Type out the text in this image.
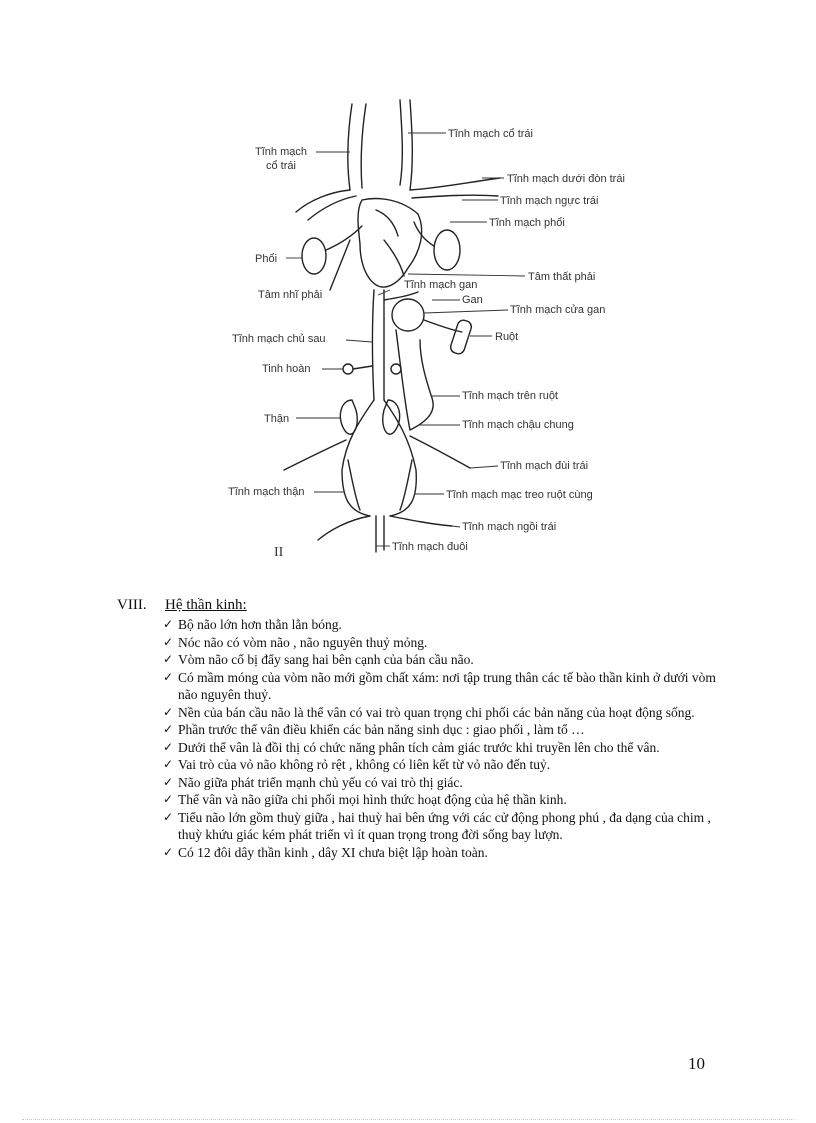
Tĩnh mạch cổ trái
Tĩnh mạch
cổ trái
Tĩnh mạch dưới đòn trái
Tĩnh mạch ngực trái
Tĩnh mạch phổi
Phổi
Tâm thất phải
Tâm nhĩ phải
Tĩnh mạch gan
Gan
Tĩnh mạch cửa gan
Ruột
Tĩnh mạch chủ sau
Tinh hoàn
Tĩnh mạch trên ruột
Thận	Tĩnh mạch chậu chung
Tĩnh mạch đùi trái
Tĩnh mạch thận	Tĩnh mạch mạc treo ruột cùng
Tĩnh mạch ngồi trái
Tĩnh mạch đuôi
II
VIII. Hệ thần kinh:
✓ Bộ não lớn hơn thằn lằn bóng.
✓ Nóc não có vòm não , não nguyên thuỷ mỏng.
✓ Vòm não cổ bị đẩy sang hai bên cạnh của bán cầu não.
✓ Có mầm móng của vòm não mới gồm chất xám: nơi tập trung thân các tế bào thần kinh ở dưới vòm não nguyên thuỷ.
✓ Nền của bán cầu não là thể vân có vai trò quan trọng chi phối các bản năng của hoạt động sống.
✓ Phần trước thể vân điều khiển các bản năng sinh dục : giao phối , làm tổ …
✓ Dưới thể vân là đồi thị có chức năng phân tích cảm giác trước khi truyền lên cho thể vân.
✓ Vai trò của vỏ não không rỏ rệt , không có liên kết từ vỏ não đến tuỷ.
✓ Não giữa phát triển mạnh chủ yếu có vai trò thị giác.
✓ Thể vân và não giữa chi phối mọi hình thức hoạt động của hệ thần kinh.
✓ Tiểu não lớn gồm thuỳ giữa , hai thuỳ hai bên ứng với các cử động phong phú , đa dạng của chim , thuỳ khứu giác kém phát triển vì ít quan trọng trong đời sống bay lượn.
✓ Có 12 đôi dây thần kinh , dây XI chưa biệt lập hoàn toàn.
10
